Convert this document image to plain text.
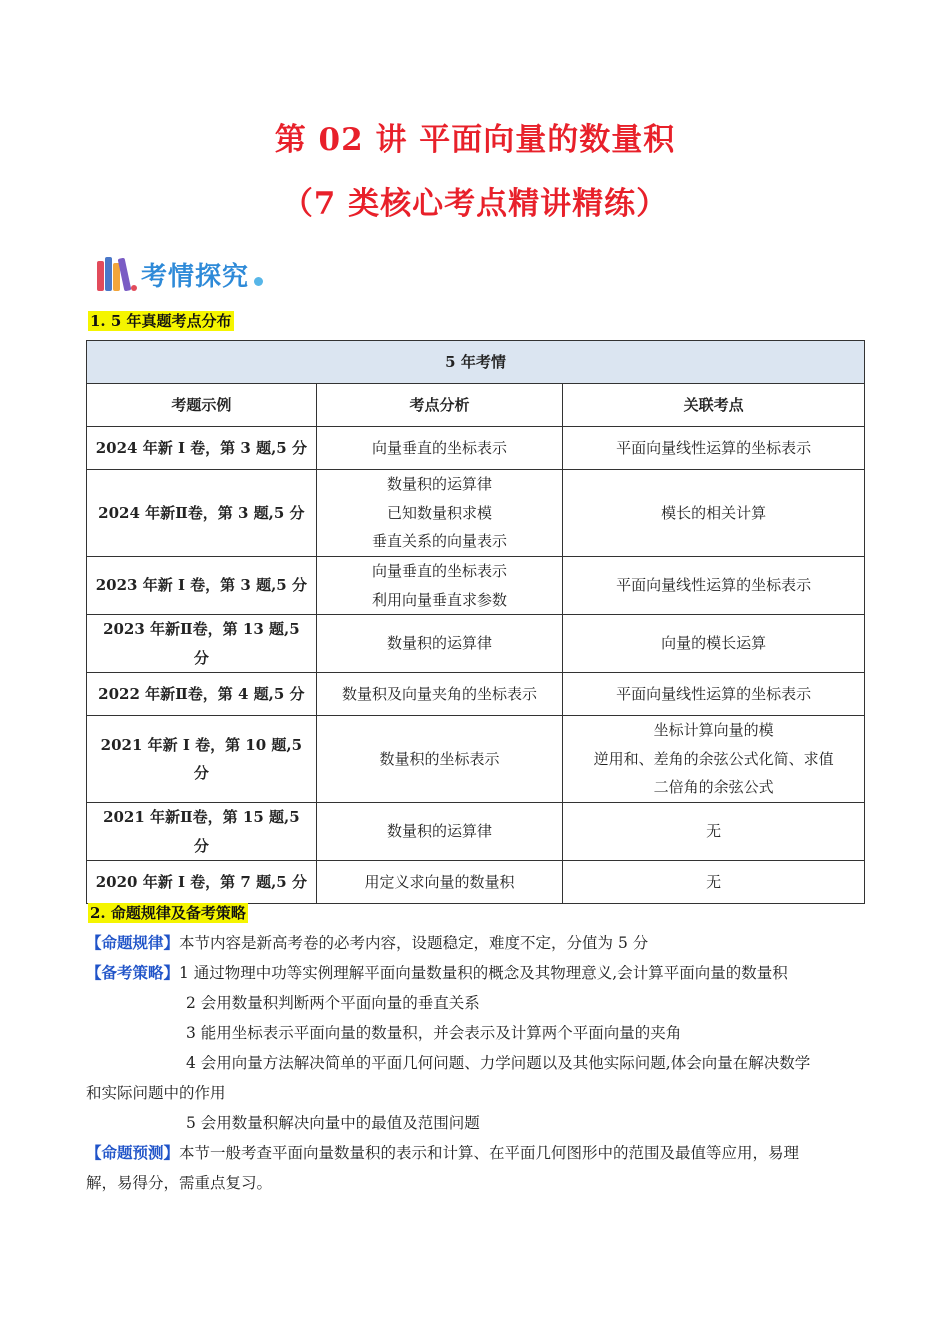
第 02 讲 平面向量的数量积
（7 类核心考点精讲精练）
考情探究
1. 5 年真题考点分布
5 年考情		
考题示例	考点分析	关联考点
2024 年新 I 卷，第 3 题,5 分	向量垂直的坐标表示	平面向量线性运算的坐标表示

2024 年新Ⅱ卷，第 3 题,5 分	数量积的运算律
已知数量积求模
垂直关系的向量表示	模长的相关计算

2023 年新 I 卷，第 3 题,5 分	向量垂直的坐标表示
利用向量垂直求参数	平面向量线性运算的坐标表示

2023 年新Ⅱ卷，第 13 题,5 分	数量积的运算律	向量的模长运算

2022 年新Ⅱ卷，第 4 题,5 分	数量积及向量夹角的坐标表示	平面向量线性运算的坐标表示

2021 年新 I 卷，第 10 题,5 分	数量积的坐标表示	坐标计算向量的模
逆用和、差角的余弦公式化简、求值
二倍角的余弦公式

2021 年新Ⅱ卷，第 15 题,5 分	数量积的运算律	无

2020 年新 I 卷，第 7 题,5 分	用定义求向量的数量积	无
2. 命题规律及备考策略
【命题规律】本节内容是新高考卷的必考内容，设题稳定，难度不定，分值为 5 分
【备考策略】1 通过物理中功等实例理解平面向量数量积的概念及其物理意义,会计算平面向量的数量积
2 会用数量积判断两个平面向量的垂直关系
3 能用坐标表示平面向量的数量积，并会表示及计算两个平面向量的夹角
4 会用向量方法解决简单的平面几何问题、力学问题以及其他实际问题,体会向量在解决数学
和实际问题中的作用
5 会用数量积解决向量中的最值及范围问题
【命题预测】本节一般考查平面向量数量积的表示和计算、在平面几何图形中的范围及最值等应用，易理
解，易得分，需重点复习。
